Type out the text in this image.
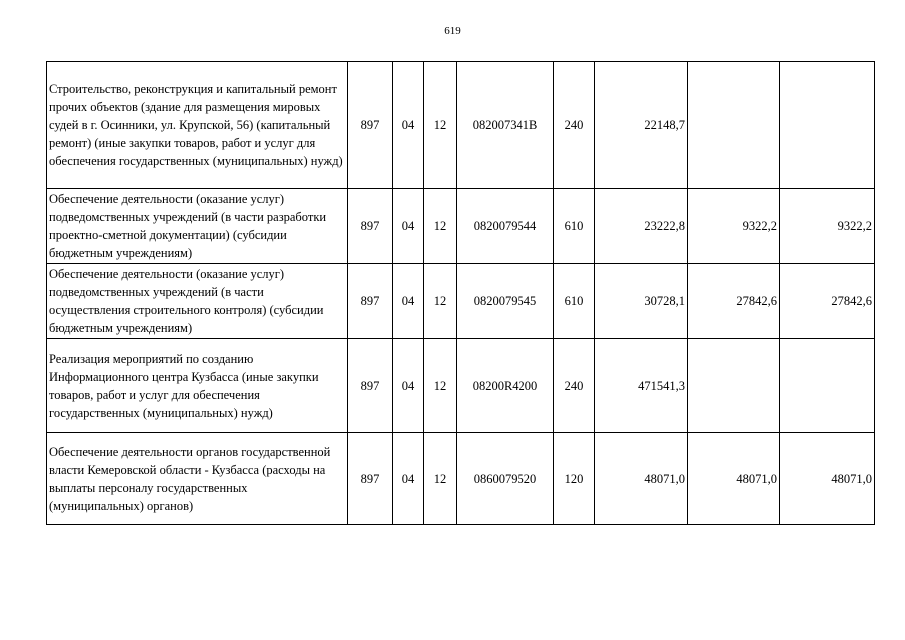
619
Строительство, реконструкция и капитальный ремонт прочих объектов (здание для размещения мировых судей в г. Осинники, ул. Крупской, 56) (капитальный ремонт) (иные закупки товаров, работ и услуг для обеспечения государственных (муниципальных) нужд)	897	04	12	082007341В	240	22148,7		
Обеспечение деятельности (оказание услуг) подведомственных учреждений (в части разработки проектно-сметной документации) (субсидии бюджетным учреждениям)	897	04	12	0820079544	610	23222,8	9322,2	9322,2
Обеспечение деятельности (оказание услуг) подведомственных учреждений (в части осуществления строительного контроля) (субсидии бюджетным учреждениям)	897	04	12	0820079545	610	30728,1	27842,6	27842,6
Реализация мероприятий по созданию Информационного центра Кузбасса (иные закупки товаров, работ и услуг для обеспечения государственных (муниципальных) нужд)	897	04	12	08200R4200	240	471541,3		
Обеспечение деятельности органов государственной власти Кемеровской области - Кузбасса (расходы на выплаты персоналу государственных (муниципальных) органов)	897	04	12	0860079520	120	48071,0	48071,0	48071,0
